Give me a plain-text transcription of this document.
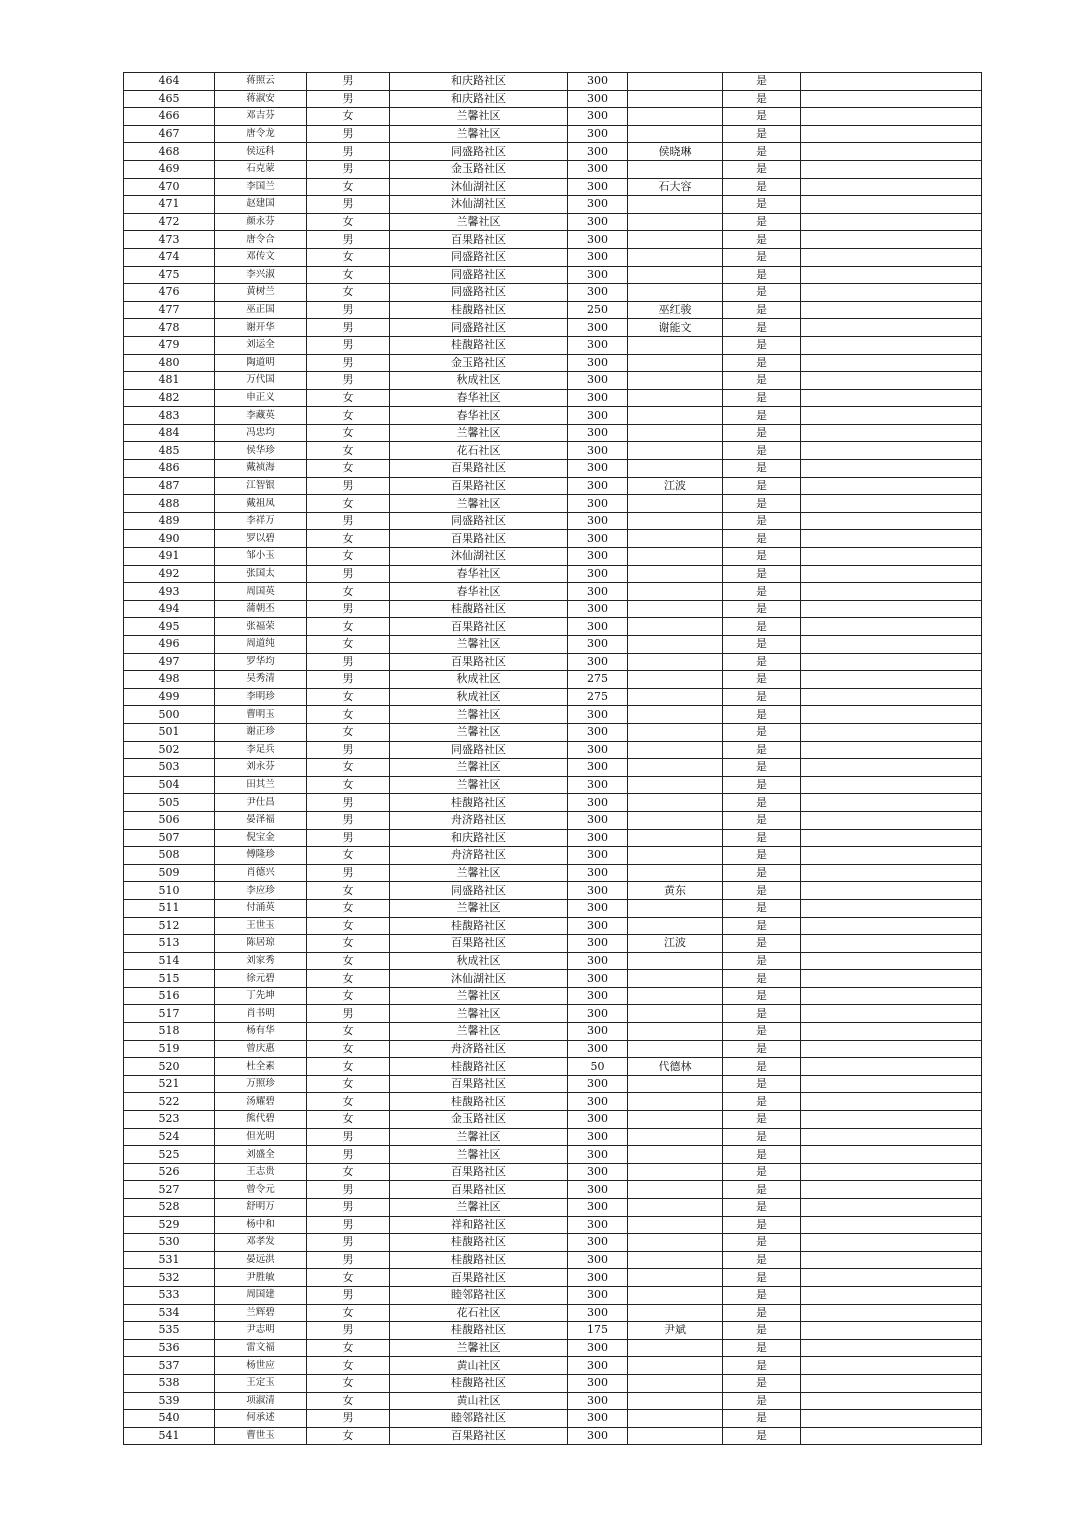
464	蒋照云	男	和庆路社区	300		是	
465	蒋淑安	男	和庆路社区	300		是	
466	邓吉芬	女	兰馨社区	300		是	
467	唐令龙	男	兰馨社区	300		是	
468	侯远科	男	同盛路社区	300	侯晓琳	是	
469	石克蒙	男	金玉路社区	300		是	
470	李国兰	女	沐仙湖社区	300	石大容	是	
471	赵建国	男	沐仙湖社区	300		是	
472	颜永芬	女	兰馨社区	300		是	
473	唐令合	男	百果路社区	300		是	
474	邓传文	女	同盛路社区	300		是	
475	李兴淑	女	同盛路社区	300		是	
476	黄树兰	女	同盛路社区	300		是	
477	巫正国	男	桂馥路社区	250	巫红骏	是	
478	谢开华	男	同盛路社区	300	谢能文	是	
479	刘运全	男	桂馥路社区	300		是	
480	陶道明	男	金玉路社区	300		是	
481	万代国	男	秋成社区	300		是	
482	申正义	女	春华社区	300		是	
483	李藏英	女	春华社区	300		是	
484	冯忠均	女	兰馨社区	300		是	
485	侯华珍	女	花石社区	300		是	
486	戴祯海	女	百果路社区	300		是	
487	江智银	男	百果路社区	300	江波	是	
488	戴祖凤	女	兰馨社区	300		是	
489	李祥万	男	同盛路社区	300		是	
490	罗以碧	女	百果路社区	300		是	
491	邹小玉	女	沐仙湖社区	300		是	
492	张国太	男	春华社区	300		是	
493	周国英	女	春华社区	300		是	
494	蒲朝丕	男	桂馥路社区	300		是	
495	张福荣	女	百果路社区	300		是	
496	周道纯	女	兰馨社区	300		是	
497	罗华均	男	百果路社区	300		是	
498	吴秀清	男	秋成社区	275		是	
499	李明珍	女	秋成社区	275		是	
500	曹明玉	女	兰馨社区	300		是	
501	谢正珍	女	兰馨社区	300		是	
502	李足兵	男	同盛路社区	300		是	
503	刘永芬	女	兰馨社区	300		是	
504	田其兰	女	兰馨社区	300		是	
505	尹仕昌	男	桂馥路社区	300		是	
506	晏泽福	男	舟济路社区	300		是	
507	倪宝金	男	和庆路社区	300		是	
508	傅隆珍	女	舟济路社区	300		是	
509	肖德兴	男	兰馨社区	300		是	
510	李应珍	女	同盛路社区	300	黄东	是	
511	付涌英	女	兰馨社区	300		是	
512	王世玉	女	桂馥路社区	300		是	
513	陈居琼	女	百果路社区	300	江波	是	
514	刘家秀	女	秋成社区	300		是	
515	徐元碧	女	沐仙湖社区	300		是	
516	丁先坤	女	兰馨社区	300		是	
517	肖书明	男	兰馨社区	300		是	
518	杨有华	女	兰馨社区	300		是	
519	曾庆惠	女	舟济路社区	300		是	
520	杜全素	女	桂馥路社区	50	代德林	是	
521	万照珍	女	百果路社区	300		是	
522	汤耀碧	女	桂馥路社区	300		是	
523	熊代碧	女	金玉路社区	300		是	
524	但光明	男	兰馨社区	300		是	
525	刘盛全	男	兰馨社区	300		是	
526	王志贵	女	百果路社区	300		是	
527	曾令元	男	百果路社区	300		是	
528	舒明万	男	兰馨社区	300		是	
529	杨中和	男	祥和路社区	300		是	
530	邓孝发	男	桂馥路社区	300		是	
531	晏远洪	男	桂馥路社区	300		是	
532	尹胜敏	女	百果路社区	300		是	
533	周国建	男	睦邻路社区	300		是	
534	兰辉碧	女	花石社区	300		是	
535	尹志明	男	桂馥路社区	175	尹斌	是	
536	雷文福	女	兰馨社区	300		是	
537	杨世应	女	黄山社区	300		是	
538	王定玉	女	桂馥路社区	300		是	
539	项淑清	女	黄山社区	300		是	
540	何承述	男	睦邻路社区	300		是	
541	曹世玉	女	百果路社区	300		是	
